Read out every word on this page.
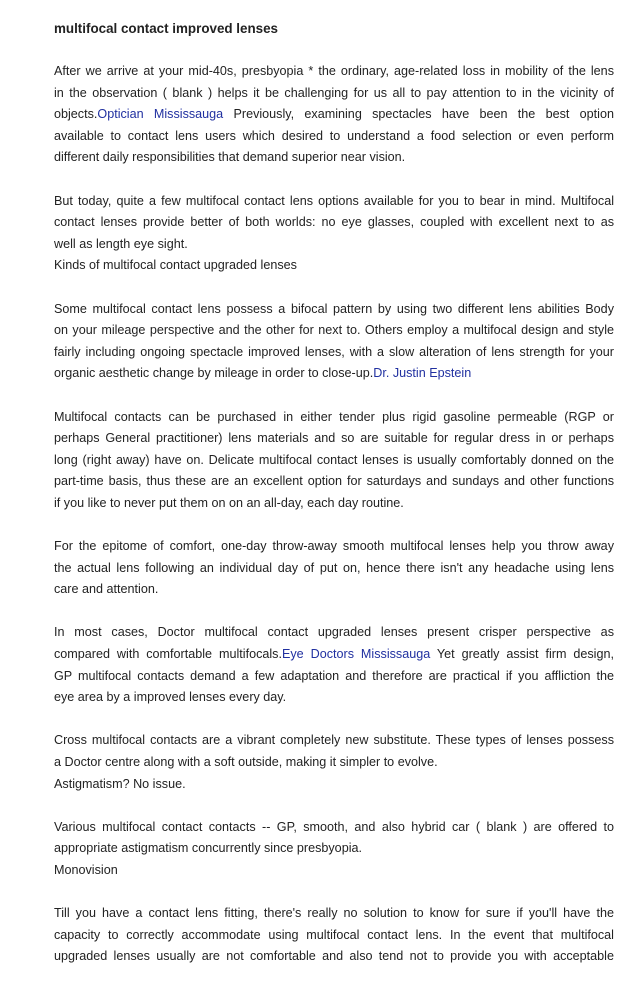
multifocal contact improved lenses
After we arrive at your mid-40s, presbyopia * the ordinary, age-related loss in mobility of the lens
in the observation ( blank ) helps it be challenging for us all to pay attention to in the vicinity of
objects.Optician Mississauga Previously, examining spectacles have been the best option
available to contact lens users which desired to understand a food selection or even perform
different daily responsibilities that demand superior near vision.
But today, quite a few multifocal contact lens options available for you to bear in mind. Multifocal
contact lenses provide better of both worlds: no eye glasses, coupled with excellent next to as
well as length eye sight.
Kinds of multifocal contact upgraded lenses
Some multifocal contact lens possess a bifocal pattern by using two different lens abilities Body
on your mileage perspective and the other for next to. Others employ a multifocal design and style
fairly including ongoing spectacle improved lenses, with a slow alteration of lens strength for your
organic aesthetic change by mileage in order to close-up.Dr. Justin Epstein
Multifocal contacts can be purchased in either tender plus rigid gasoline permeable (RGP or
perhaps General practitioner) lens materials and so are suitable for regular dress in or perhaps
long (right away) have on. Delicate multifocal contact lenses is usually comfortably donned on the
part-time basis, thus these are an excellent option for saturdays and sundays and other functions
if you like to never put them on on an all-day, each day routine.
For the epitome of comfort, one-day throw-away smooth multifocal lenses help you throw away
the actual lens following an individual day of put on, hence there isn't any headache using lens
care and attention.
In most cases, Doctor multifocal contact upgraded lenses present crisper perspective as
compared with comfortable multifocals.Eye Doctors Mississauga Yet greatly assist firm design,
GP multifocal contacts demand a few adaptation and therefore are practical if you affliction the
eye area by a improved lenses every day.
Cross multifocal contacts are a vibrant completely new substitute. These types of lenses possess
a Doctor centre along with a soft outside, making it simpler to evolve.
Astigmatism? No issue.
Various multifocal contact contacts -- GP, smooth, and also hybrid car ( blank ) are offered to
appropriate astigmatism concurrently since presbyopia.
Monovision
Till you have a contact lens fitting, there's really no solution to know for sure if you'll have the
capacity to correctly accommodate using multifocal contact lens. In the event that multifocal
upgraded lenses usually are not comfortable and also tend not to provide you with acceptable
